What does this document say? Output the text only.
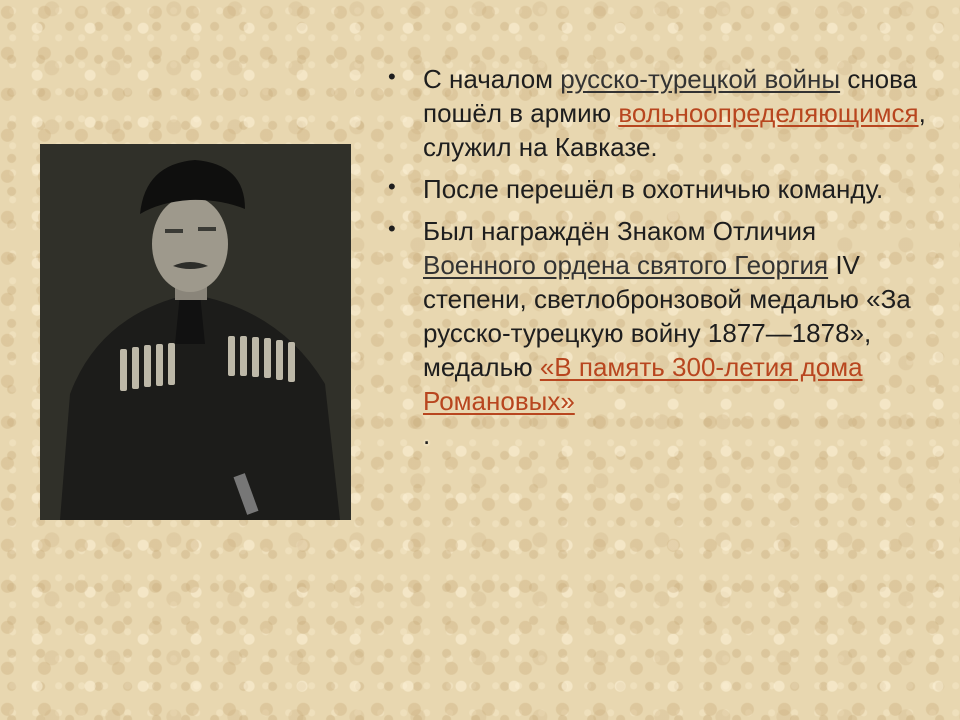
• С началом русско-турецкой войны снова пошёл в армию вольноопределяющимся, служил на Кавказе.
• После перешёл в охотничью команду.
• Был награждён Знаком Отличия Военного ордена святого Георгия IV степени, светлобронзовой медалью «За русско-турецкую войну 1877—1878», медалью «В память 300-летия дома Романовых»
.
